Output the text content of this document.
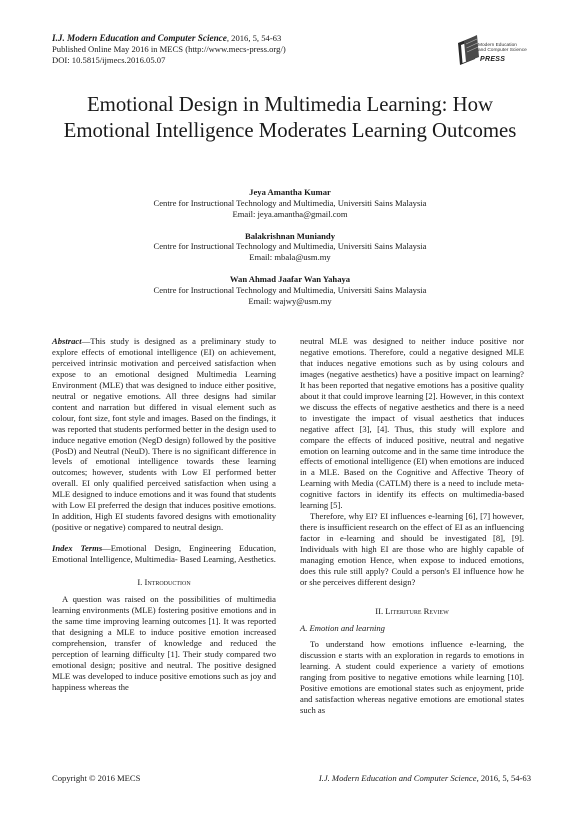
I.J. Modern Education and Computer Science, 2016, 5, 54-63
Published Online May 2016 in MECS (http://www.mecs-press.org/)
DOI: 10.5815/ijmecs.2016.05.07
Modern Education
and Computer Science
PRESS
Emotional Design in Multimedia Learning: How Emotional Intelligence Moderates Learning Outcomes
Jeya Amantha Kumar
Centre for Instructional Technology and Multimedia, Universiti Sains Malaysia
Email: jeya.amantha@gmail.com
Balakrishnan Muniandy
Centre for Instructional Technology and Multimedia, Universiti Sains Malaysia
Email: mbala@usm.my
Wan Ahmad Jaafar Wan Yahaya
Centre for Instructional Technology and Multimedia, Universiti Sains Malaysia
Email: wajwy@usm.my

Abstract—This study is designed as a preliminary study to explore effects of emotional intelligence (EI) on achievement, perceived intrinsic motivation and perceived satisfaction when expose to an emotional designed Multimedia Learning Environment (MLE) that was designed to induce either positive, neutral or negative emotions. All three designs had similar content and narration but differed in visual element such as colour, font size, font style and images. Based on the findings, it was reported that students performed better in the design used to induce negative emotion (NegD design) followed by the positive (PosD) and Neutral (NeuD). There is no significant difference in levels of emotional intelligence towards these learning outcomes; however, students with Low EI performed better overall. EI only qualified perceived satisfaction when using a MLE designed to induce emotions and it was found that students with Low EI preferred the design that induces positive emotions. In addition, High EI students favored designs with emotionality (positive or negative) compared to neutral design.

Index Terms—Emotional Design, Engineering Education, Emotional Intelligence, Multimedia- Based Learning, Aesthetics.

I. Introduction

A question was raised on the possibilities of multimedia learning environments (MLE) fostering positive emotions and in the same time improving learning outcomes [1]. It was reported that designing a MLE to induce positive emotion increased comprehension, transfer of knowledge and reduced the perception of learning difficulty [1]. Their study compared two emotional design; positive and neutral. The positive designed MLE was developed to induce positive emotions such as joy and happiness whereas the

neutral MLE was designed to neither induce positive nor negative emotions. Therefore, could a negative designed MLE that induces negative emotions such as by using colours and images (negative aesthetics) have a positive impact on learning? It has been reported that negative emotions has a positive quality about it that could improve learning [2]. However, in this context we discuss the effects of negative aesthetics and there is a need to investigate the impact of visual aesthetics that induces negative affect [3], [4]. Thus, this study will explore and compare the effects of induced positive, neutral and negative emotion on learning outcome and in the same time introduce the effects of emotional intelligence (EI) when emotions are induced in a MLE. Based on the Cognitive and Affective Theory of Learning with Media (CATLM) there is a need to include meta-cognitive factors in identify its effects on multimedia-based learning [5].

Therefore, why EI? EI influences e-learning [6], [7] however, there is insufficient research on the effect of EI as an influencing factor in e-learning and should be investigated [8], [9]. Individuals with high EI are those who are highly capable of managing emotion Hence, when expose to induced emotions, does this rule still apply? Could a person's EI influence how he or she perceives different design?

II. Literiture Review
A. Emotion and learning

To understand how emotions influence e-learning, the discussion e starts with an exploration in regards to emotions in learning. A student could experience a variety of emotions ranging from positive to negative emotions while learning [10]. Positive emotions are emotional states such as enjoyment, pride and satisfaction whereas negative emotions are emotional states such as

Copyright © 2016 MECS	I.J. Modern Education and Computer Science, 2016, 5, 54-63
